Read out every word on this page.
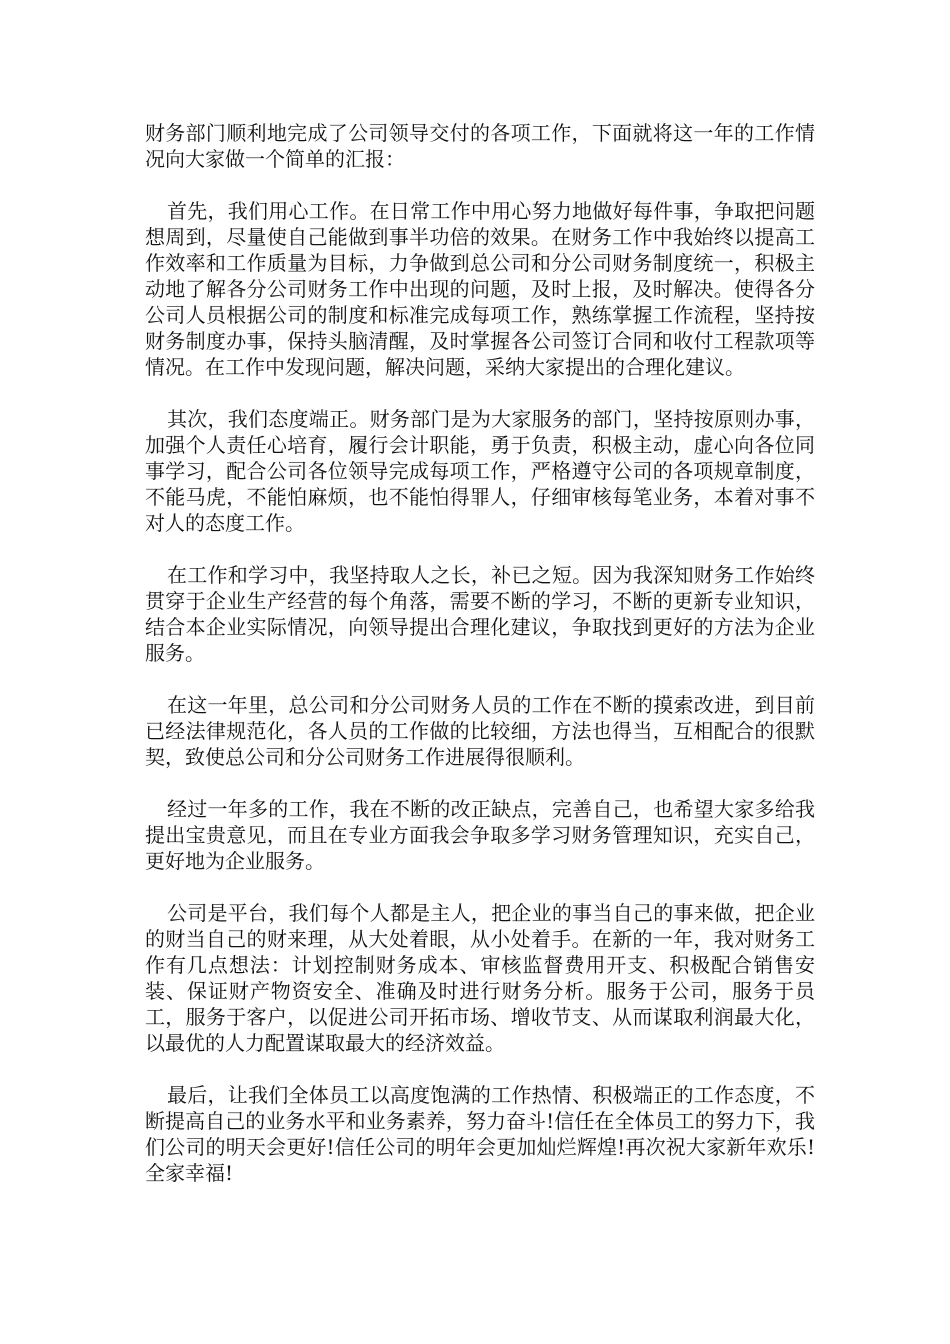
财务部门顺利地完成了公司领导交付的各项工作，下面就将这一年的工作情况向大家做一个简单的汇报：

首先，我们用心工作。在日常工作中用心努力地做好每件事，争取把问题想周到，尽量使自己能做到事半功倍的效果。在财务工作中我始终以提高工作效率和工作质量为目标，力争做到总公司和分公司财务制度统一，积极主动地了解各分公司财务工作中出现的问题，及时上报，及时解决。使得各分公司人员根据公司的制度和标准完成每项工作，熟练掌握工作流程，坚持按财务制度办事，保持头脑清醒，及时掌握各公司签订合同和收付工程款项等情况。在工作中发现问题，解决问题，采纳大家提出的合理化建议。

其次，我们态度端正。财务部门是为大家服务的部门，坚持按原则办事，加强个人责任心培育，履行会计职能，勇于负责，积极主动，虚心向各位同事学习，配合公司各位领导完成每项工作，严格遵守公司的各项规章制度，不能马虎，不能怕麻烦，也不能怕得罪人，仔细审核每笔业务，本着对事不对人的态度工作。

在工作和学习中，我坚持取人之长，补已之短。因为我深知财务工作始终贯穿于企业生产经营的每个角落，需要不断的学习，不断的更新专业知识，结合本企业实际情况，向领导提出合理化建议，争取找到更好的方法为企业服务。

在这一年里，总公司和分公司财务人员的工作在不断的摸索改进，到目前已经法律规范化，各人员的工作做的比较细，方法也得当，互相配合的很默契，致使总公司和分公司财务工作进展得很顺利。

经过一年多的工作，我在不断的改正缺点，完善自己，也希望大家多给我提出宝贵意见，而且在专业方面我会争取多学习财务管理知识，充实自己，更好地为企业服务。

公司是平台，我们每个人都是主人，把企业的事当自己的事来做，把企业的财当自己的财来理，从大处着眼，从小处着手。在新的一年，我对财务工作有几点想法：计划控制财务成本、审核监督费用开支、积极配合销售安装、保证财产物资安全、准确及时进行财务分析。服务于公司，服务于员工，服务于客户，以促进公司开拓市场、增收节支、从而谋取利润最大化，以最优的人力配置谋取最大的经济效益。

最后，让我们全体员工以高度饱满的工作热情、积极端正的工作态度，不断提高自己的业务水平和业务素养，努力奋斗!信任在全体员工的努力下，我们公司的明天会更好!信任公司的明年会更加灿烂辉煌!再次祝大家新年欢乐!全家幸福!
